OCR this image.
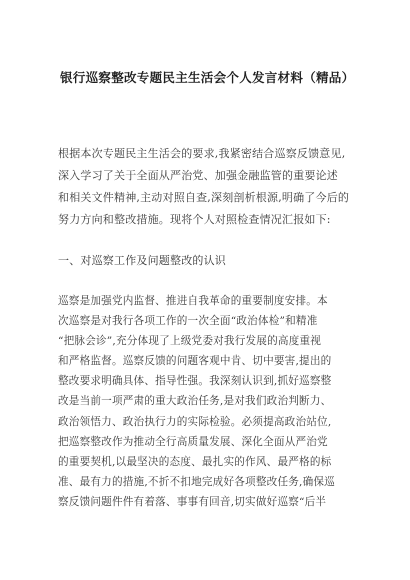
银行巡察整改专题民主生活会个人发言材料（精品）

根据本次专题民主生活会的要求,我紧密结合巡察反馈意见,
深入学习了关于全面从严治党、加强金融监管的重要论述
和相关文件精神,主动对照自查,深刻剖析根源,明确了今后的
努力方向和整改措施。现将个人对照检查情况汇报如下:

一、对巡察工作及问题整改的认识

巡察是加强党内监督、推进自我革命的重要制度安排。本
次巡察是对我行各项工作的一次全面“政治体检”和精准
“把脉会诊”,充分体现了上级党委对我行发展的高度重视
和严格监督。巡察反馈的问题客观中肯、切中要害,提出的
整改要求明确具体、指导性强。我深刻认识到,抓好巡察整
改是当前一项严肃的重大政治任务,是对我们政治判断力、
政治领悟力、政治执行力的实际检验。必须提高政治站位,
把巡察整改作为推动全行高质量发展、深化全面从严治党
的重要契机,以最坚决的态度、最扎实的作风、最严格的标
准、最有力的措施,不折不扣地完成好各项整改任务,确保巡
察反馈问题件件有着落、事事有回音,切实做好巡察“后半
